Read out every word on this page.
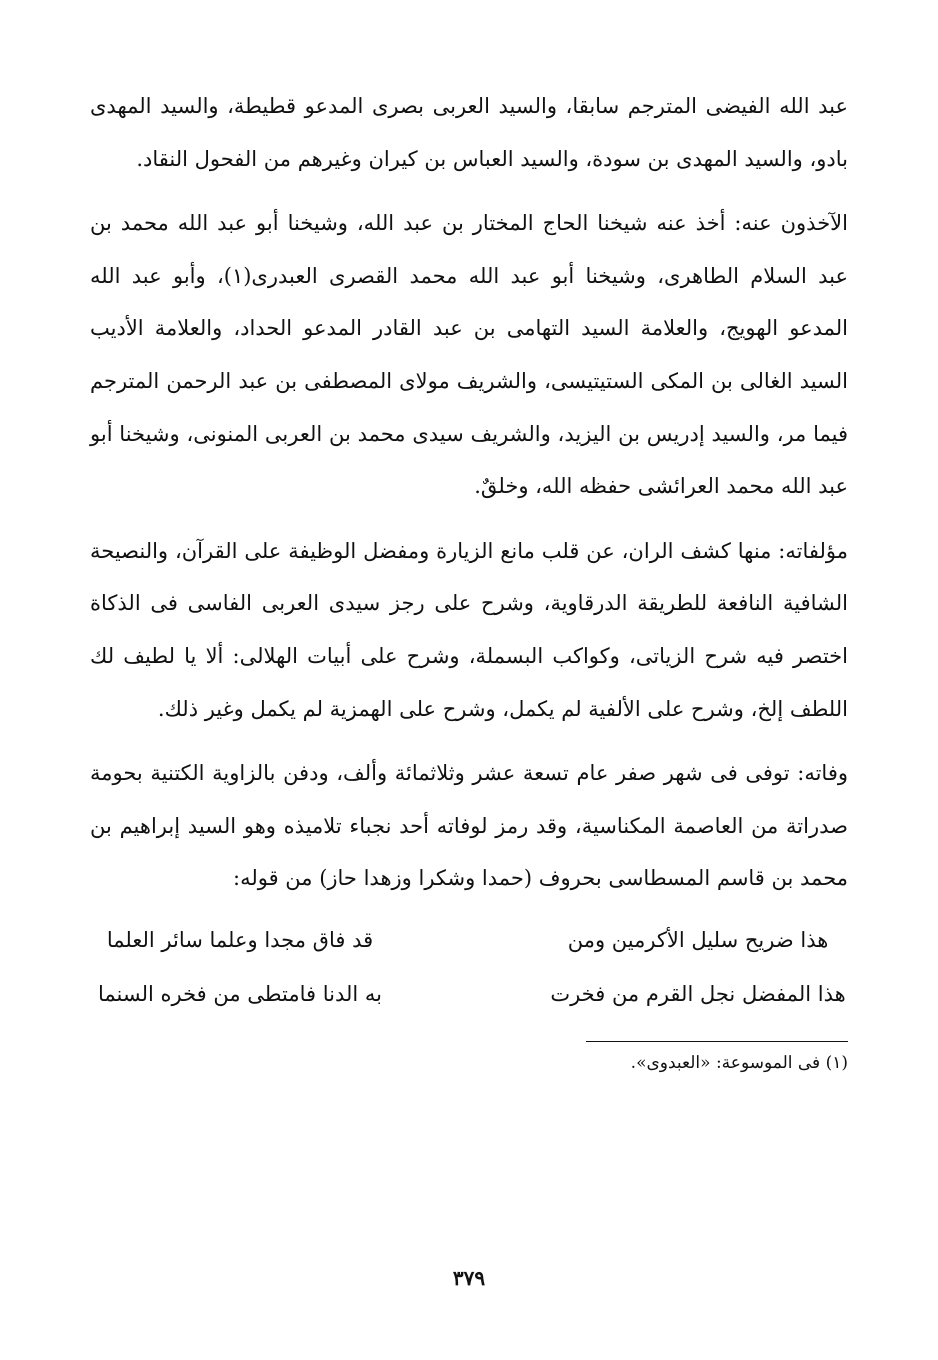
عبد الله الفيضى المترجم سابقا، والسيد العربى بصرى المدعو قطيطة، والسيد المهدى بادو، والسيد المهدى بن سودة، والسيد العباس بن كيران وغيرهم من الفحول النقاد.

الآخذون عنه: أخذ عنه شيخنا الحاج المختار بن عبد الله، وشيخنا أبو عبد الله محمد بن عبد السلام الطاهرى، وشيخنا أبو عبد الله محمد القصرى العبدرى(١)، وأبو عبد الله المدعو الهويج، والعلامة السيد التهامى بن عبد القادر المدعو الحداد، والعلامة الأديب السيد الغالى بن المكى الستيتيسى، والشريف مولاى المصطفى بن عبد الرحمن المترجم فيما مر، والسيد إدريس بن اليزيد، والشريف سيدى محمد بن العربى المنونى، وشيخنا أبو عبد الله محمد العرائشى حفظه الله، وخلقٌ.

مؤلفاته: منها كشف الران، عن قلب مانع الزيارة ومفضل الوظيفة على القرآن، والنصيحة الشافية النافعة للطريقة الدرقاوية، وشرح على رجز سيدى العربى الفاسى فى الذكاة اختصر فيه شرح الزياتى، وكواكب البسملة، وشرح على أبيات الهلالى: ألا يا لطيف لك اللطف إلخ، وشرح على الألفية لم يكمل، وشرح على الهمزية لم يكمل وغير ذلك.

وفاته: توفى فى شهر صفر عام تسعة عشر وثلاثمائة وألف، ودفن بالزاوية الكتنية بحومة صدراتة من العاصمة المكناسية، وقد رمز لوفاته أحد نجباء تلاميذه وهو السيد إبراهيم بن محمد بن قاسم المسطاسى بحروف (حمدا وشكرا وزهدا حاز) من قوله:

هذا ضريح سليل الأكرمين ومن
قد فاق مجدا وعلما سائر العلما
هذا المفضل نجل القرم من فخرت
به الدنا فامتطى من فخره السنما
(١) فى الموسوعة: «العبدوى».
٣٧٩
